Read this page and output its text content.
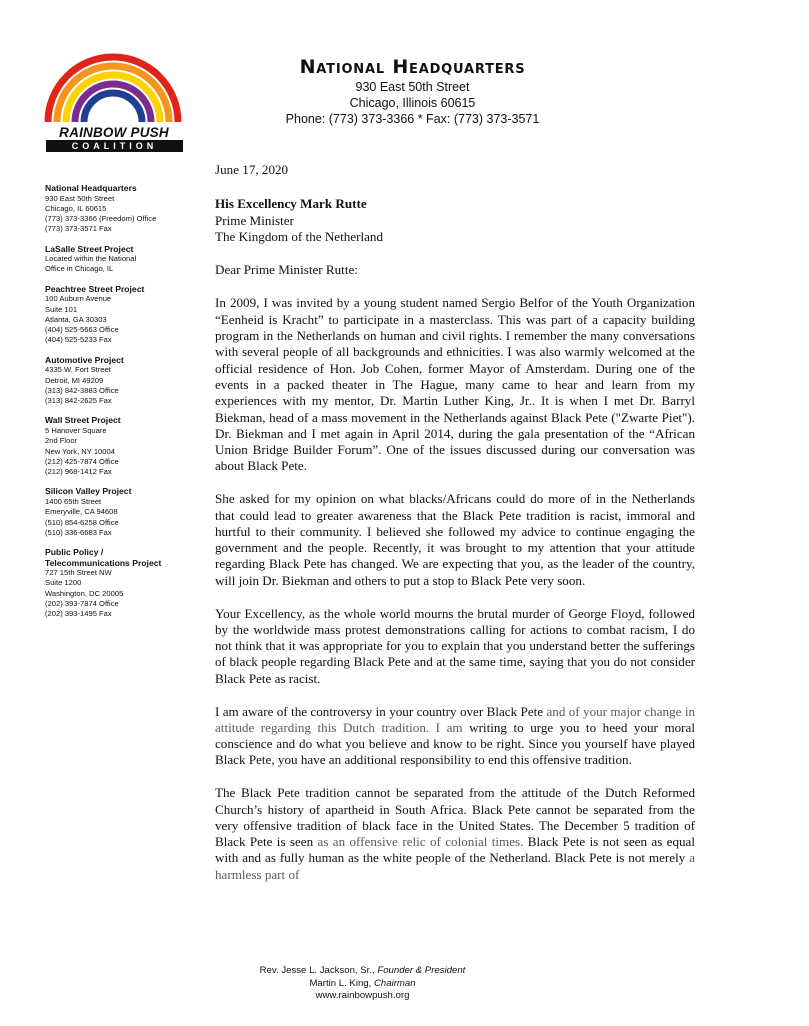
RAINBOW PUSH
COALITION
National Headquarters
930 East 50th Street
Chicago, Illinois 60615
Phone: (773) 373-3366 * Fax: (773) 373-3571
National Headquarters
930 East 50th Street
Chicago, IL 60615
(773) 373-3366 (Freedom) Office
(773) 373-3571 Fax
LaSalle Street Project
Located within the National
Office in Chicago, IL
Peachtree Street Project
100 Auburn Avenue
Suite 101
Atlanta, GA 30303
(404) 525-5663 Office
(404) 525-5233 Fax
Automotive Project
4335 W. Fort Street
Detroit, MI 49209
(313) 842-3883 Office
(313) 842-2625 Fax
Wall Street Project
5 Hanover Square
2nd Floor
New York, NY 10004
(212) 425-7874 Office
(212) 968-1412 Fax
Silicon Valley Project
1400 65th Street
Emeryville, CA 94608
(510) 854-6258 Office
(510) 336-6683 Fax
Public Policy /
Telecommunications Project
727 15th Street NW
Suite 1200
Washington, DC 20005
(202) 393-7874 Office
(202) 393-1495 Fax
June 17, 2020
His Excellency Mark Rutte
Prime Minister
The Kingdom of the Netherland
Dear Prime Minister Rutte:

In 2009, I was invited by a young student named Sergio Belfor of the Youth Organization “Eenheid is Kracht” to participate in a masterclass. This was part of a capacity building program in the Netherlands on human and civil rights. I remember the many conversations with several people of all backgrounds and ethnicities. I was also warmly welcomed at the official residence of Hon. Job Cohen, former Mayor of Amsterdam. During one of the events in a packed theater in The Hague, many came to hear and learn from my experiences with my mentor, Dr. Martin Luther King, Jr.. It is when I met Dr. Barryl Biekman, head of a mass movement in the Netherlands against Black Pete ("Zwarte Piet"). Dr. Biekman and I met again in April 2014, during the gala presentation of the “African Union Bridge Builder Forum”. One of the issues discussed during our conversation was about Black Pete.

She asked for my opinion on what blacks/Africans could do more of in the Netherlands that could lead to greater awareness that the Black Pete tradition is racist, immoral and hurtful to their community. I believed she followed my advice to continue engaging the government and the people. Recently, it was brought to my attention that your attitude regarding Black Pete has changed. We are expecting that you, as the leader of the country, will join Dr. Biekman and others to put a stop to Black Pete very soon.

Your Excellency, as the whole world mourns the brutal murder of George Floyd, followed by the worldwide mass protest demonstrations calling for actions to combat racism, I do not think that it was appropriate for you to explain that you understand better the sufferings of black people regarding Black Pete and at the same time, saying that you do not consider Black Pete as racist.

I am aware of the controversy in your country over Black Pete and of your major change in attitude regarding this Dutch tradition. I am writing to urge you to heed your moral conscience and do what you believe and know to be right. Since you yourself have played Black Pete, you have an additional responsibility to end this offensive tradition.

The Black Pete tradition cannot be separated from the attitude of the Dutch Reformed Church’s history of apartheid in South Africa. Black Pete cannot be separated from the very offensive tradition of black face in the United States. The December 5 tradition of Black Pete is seen as an offensive relic of colonial times. Black Pete is not seen as equal with and as fully human as the white people of the Netherland. Black Pete is not merely a harmless part of

Rev. Jesse L. Jackson, Sr., Founder & President
Martin L. King, Chairman
www.rainbowpush.org
